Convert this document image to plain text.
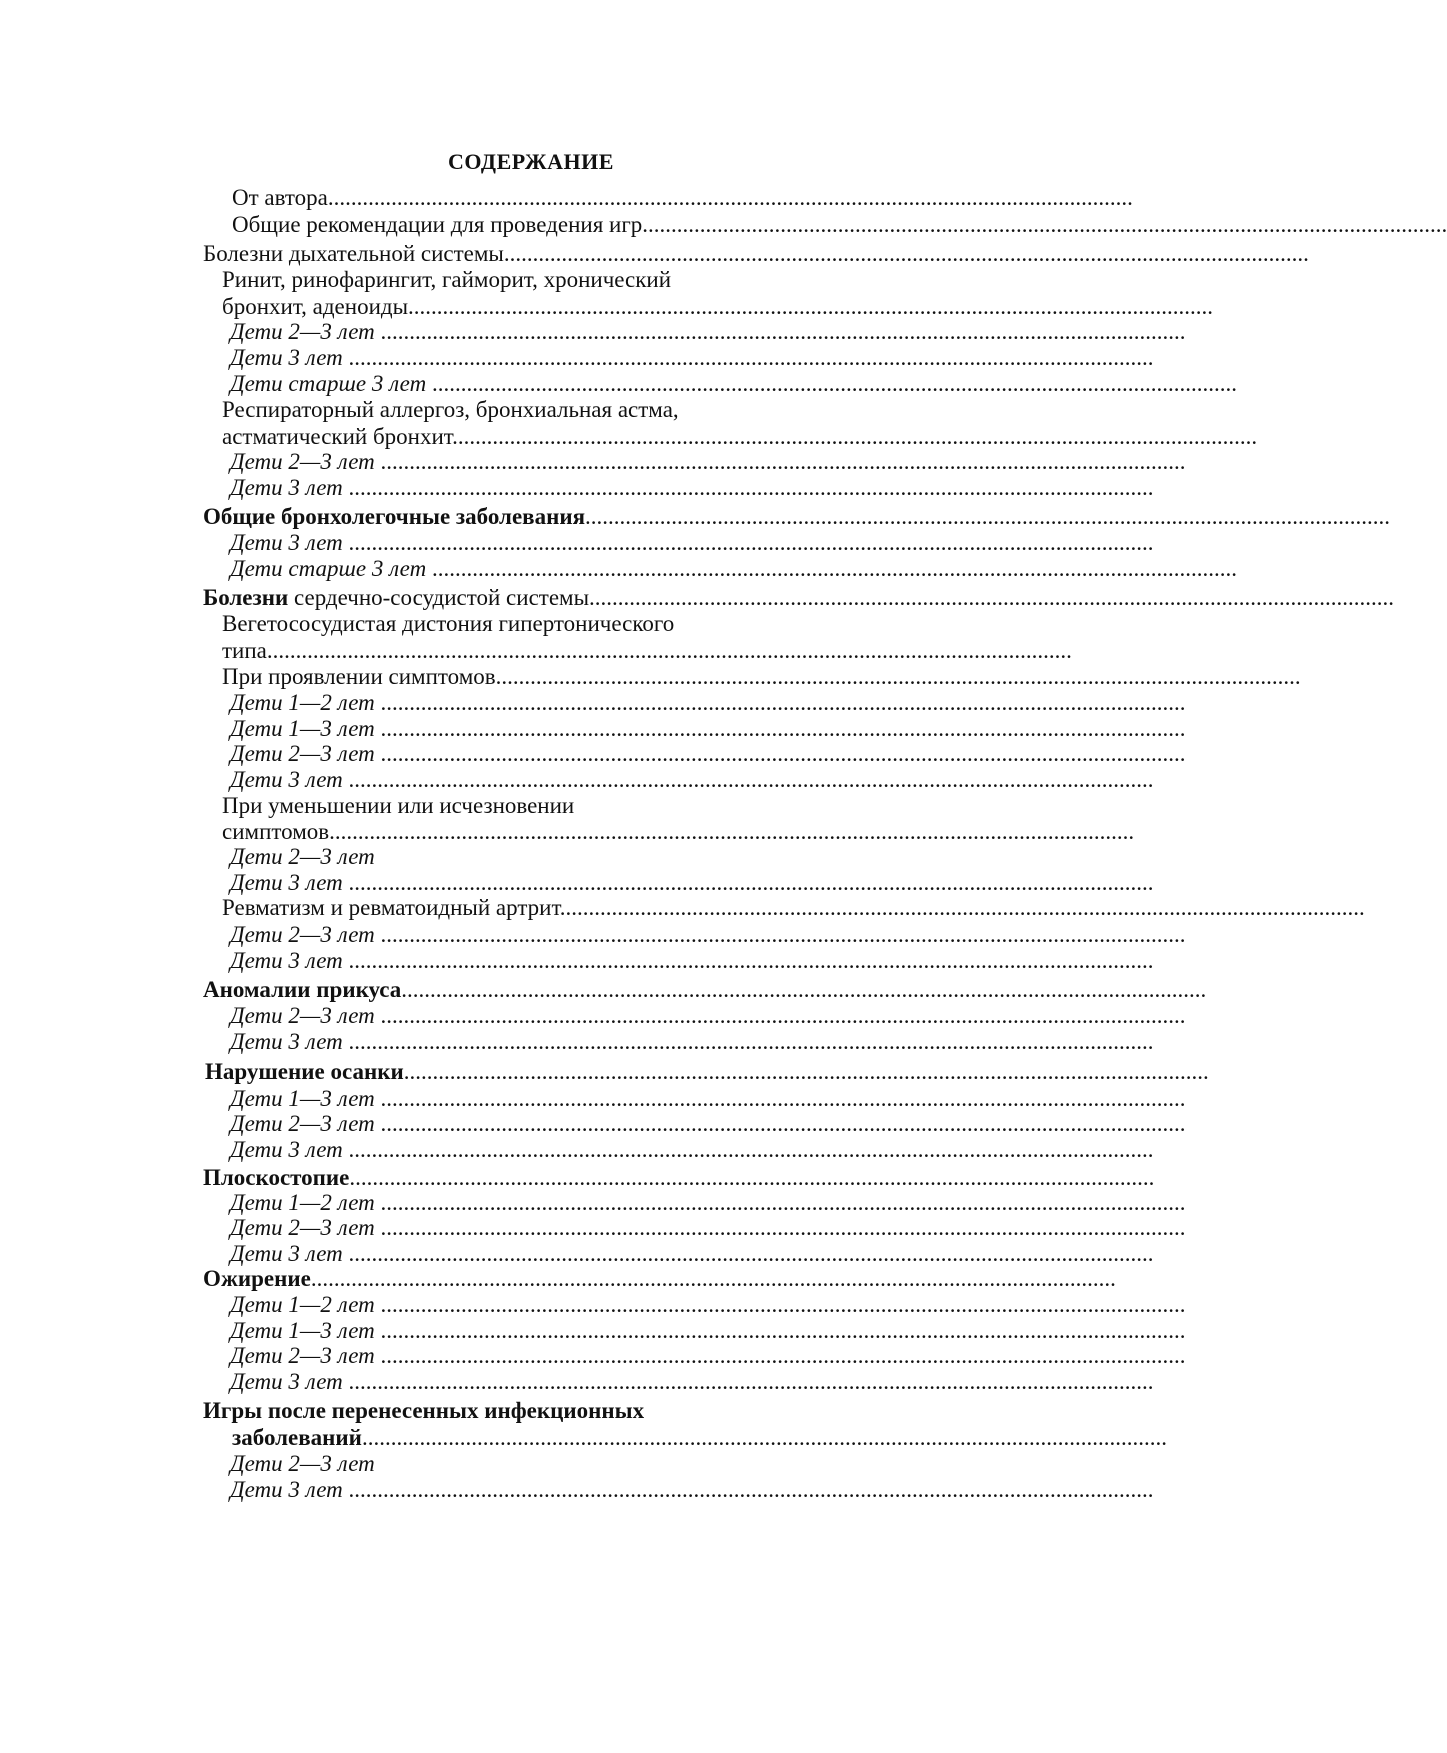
СОДЕРЖАНИЕ
От автора............................................................................................................................................
Общие рекомендации для проведения игр............................................................................................................................................
Болезни дыхательной системы............................................................................................................................................
Ринит, ринофарингит, гайморит, хронический
бронхит, аденоиды............................................................................................................................................
Дети 2—3 лет ............................................................................................................................................
Дети 3 лет ............................................................................................................................................
Дети старше 3 лет ............................................................................................................................................
Респираторный аллергоз, бронхиальная астма,
астматический бронхит............................................................................................................................................
Дети 2—3 лет ............................................................................................................................................
Дети 3 лет ............................................................................................................................................
Общие бронхолегочные заболевания............................................................................................................................................
Дети 3 лет ............................................................................................................................................
Дети старше 3 лет ............................................................................................................................................
Болезни сердечно-сосудистой системы............................................................................................................................................
Вегетососудистая дистония гипертонического
типа............................................................................................................................................
При проявлении симптомов............................................................................................................................................
Дети 1—2 лет ............................................................................................................................................
Дети 1—3 лет ............................................................................................................................................
Дети 2—3 лет ............................................................................................................................................
Дети 3 лет ............................................................................................................................................
При уменьшении или исчезновении
симптомов............................................................................................................................................
Дети 2—3 лет
Дети 3 лет ............................................................................................................................................
Ревматизм и ревматоидный артрит............................................................................................................................................
Дети 2—3 лет ............................................................................................................................................
Дети 3 лет ............................................................................................................................................
Аномалии прикуса............................................................................................................................................
Дети 2—3 лет ............................................................................................................................................
Дети 3 лет ............................................................................................................................................
Нарушение осанки............................................................................................................................................
Дети 1—3 лет ............................................................................................................................................
Дети 2—3 лет ............................................................................................................................................
Дети 3 лет ............................................................................................................................................
Плоскостопие............................................................................................................................................
Дети 1—2 лет ............................................................................................................................................
Дети 2—3 лет ............................................................................................................................................
Дети 3 лет ............................................................................................................................................
Ожирение............................................................................................................................................
Дети 1—2 лет ............................................................................................................................................
Дети 1—3 лет ............................................................................................................................................
Дети 2—3 лет ............................................................................................................................................
Дети 3 лет ............................................................................................................................................
Игры после перенесенных инфекционных
заболеваний............................................................................................................................................
Дети 2—3 лет
Дети 3 лет ............................................................................................................................................
